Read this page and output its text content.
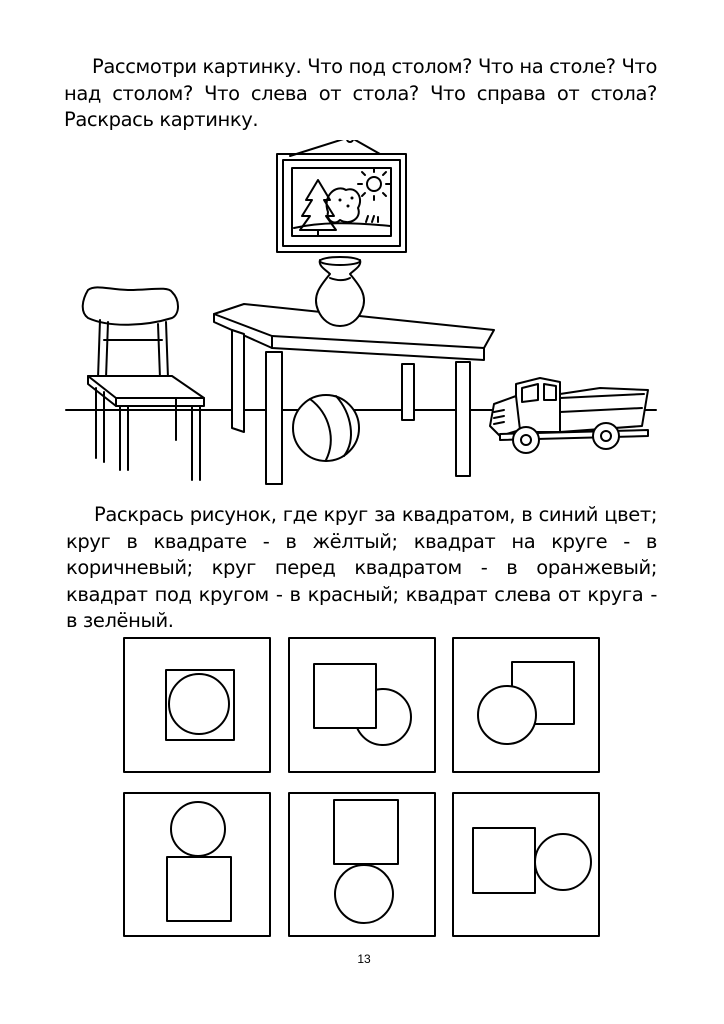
Рассмотри картинку. Что под столом? Что на столе? Что над столом? Что слева от стола? Что справа от стола? Раскрась картинку.

Раскрась рисунок, где круг за квадратом, в синий цвет; круг в квадрате - в жёлтый; квадрат на круге - в коричневый; круг перед квадратом - в оранжевый; квадрат под кругом - в красный; квадрат слева от круга - в зелёный.

13
